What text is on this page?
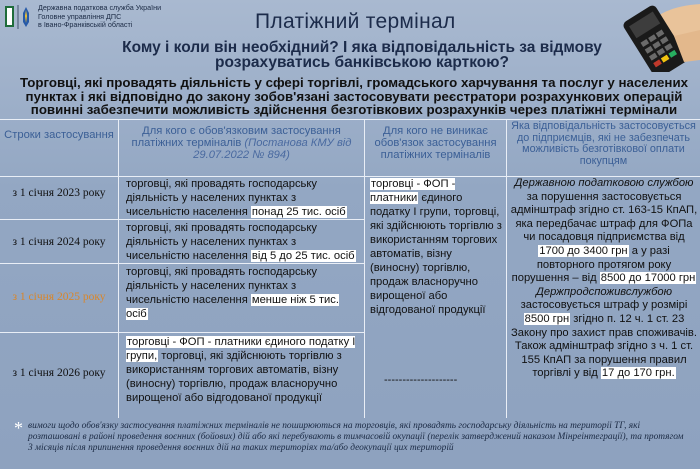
Державна податкова служба України
Головне управління ДПС
в Івано-Франківській області	Платіжний термінал
Кому і коли він необхідний? І яка відповідальність за відмову розрахуватись банківською карткою?
Торговці, які провадять діяльність у сфері торгівлі, громадського харчування та послуг у населених пунктах і які відповідно до закону зобов'язані застосовувати реєстратори розрахункових операцій повинні забезпечити можливість здійснення безготівкових розрахунків через платіжні термінали
Строки застосування	Для кого є обов'язковим застосування платіжних терміналів (Постанова КМУ від 29.07.2022 № 894)
Для кого не виникає обов'язок застосування платіжних терміналів
Яка відповідальність застосовується до підприємців, які не забезпечать можливість безготівкової оплати покупцям
з 1 січня 2023 року
з 1 січня 2024 року
з 1 січня 2025 року
з 1 січня 2026 року
торговці, які провадять господарську діяльність у населених пунктах з чисельністю населення понад 25 тис. осіб
торговці, які провадять господарську діяльність у населених пунктах з чисельністю населення від 5 до 25 тис. осіб
торговці, які провадять господарську діяльність у населених пунктах з чисельністю населення менше ніж 5 тис. осіб
торговці - ФОП - платники єдиного податку І групи, торговці, які здійснюють торгівлю з використанням торгових автоматів, візну (виносну) торгівлю, продаж власноручно вирощеної або відгодованої продукції
торговці - ФОП - платники єдиного податку І групи, торговці, які здійснюють торгівлю з використанням торгових автоматів, візну (виносну) торгівлю, продаж власноручно вирощеної або відгодованої продукції
--------------------
Державною податковою службою за порушення застосовується адмінштраф згідно ст. 163-15 КпАП, яка передбачає штраф для ФОПа чи посадовця підприємства від 1700 до 3400 грн а у разі повторного протягом року порушення – від 8500 до 17000 грн Держпродспоживслужбою застосовується штраф у розмірі 8500 грн згідно п. 12 ч. 1 ст. 23 Закону про захист прав споживачів. Також адмінштраф згідно з ч. 1 ст. 155 КпАП за порушення правил торгівлі у від 17 до 170 грн.
* вимоги щодо обов'язку застосування платіжних терміналів не поширюються на торговців, які провадять господарську діяльність на території ТГ, які розташовані в районі проведення воєнних (бойових) дій або які перебувають в тимчасовій окупації (перелік затверджений наказом Мінреінтеграції), та протягом 3 місяців після припинення проведення воєнних дій на таких територіях та/або деокупації цих територій
